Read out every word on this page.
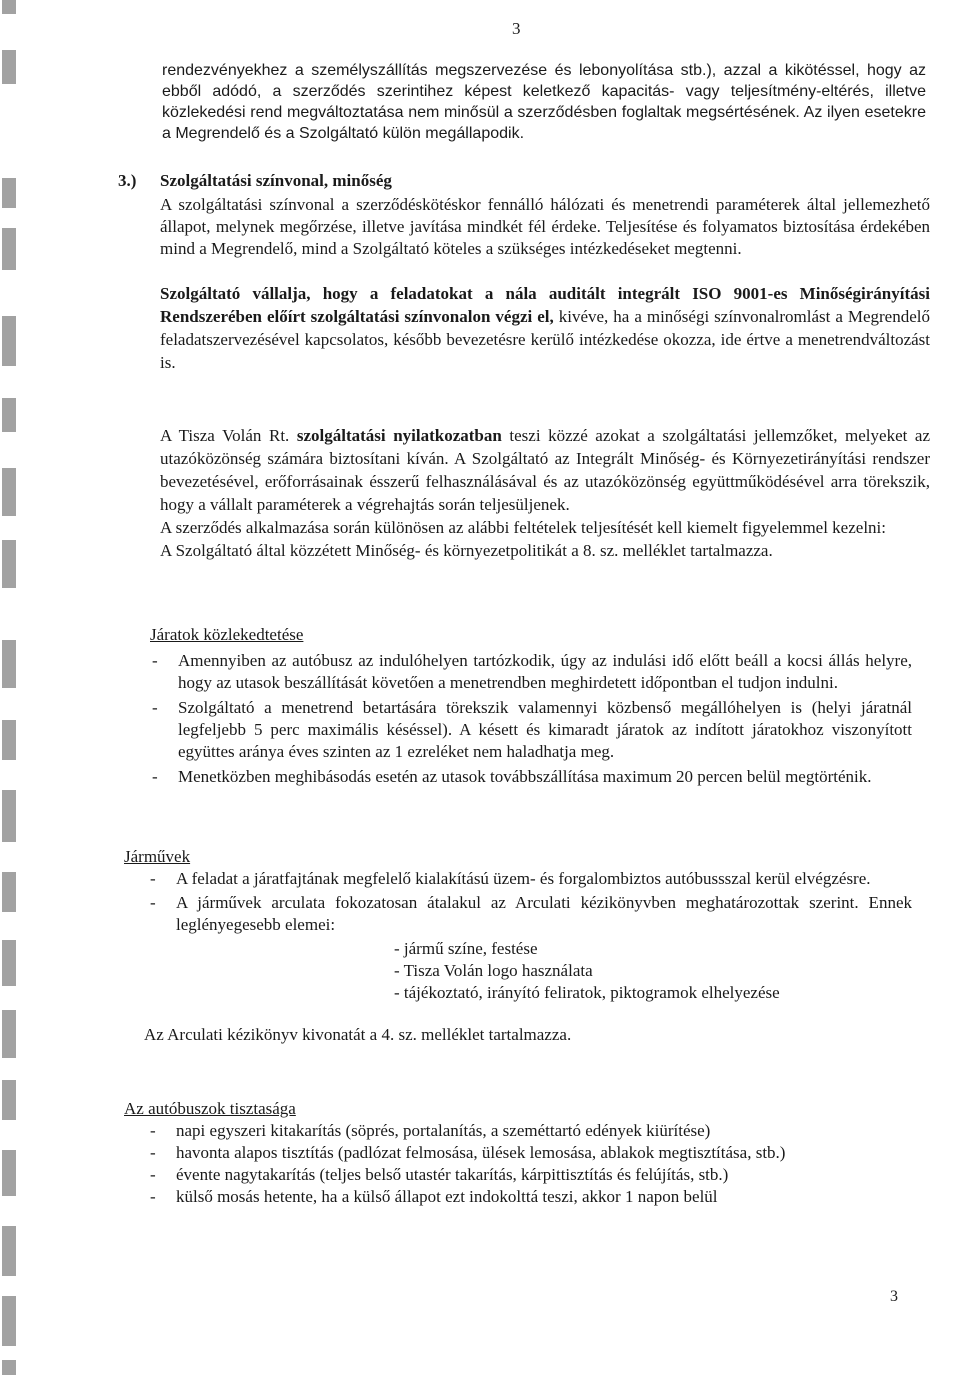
3

rendezvényekhez a személyszállítás megszervezése és lebonyolítása stb.), azzal a kikötéssel, hogy az ebből adódó, a szerződés szerintihez képest keletkező kapacitás- vagy teljesítmény-eltérés, illetve közlekedési rend megváltoztatása nem minősül a szerződésben foglaltak megsértésének. Az ilyen esetekre a Megrendelő és a Szolgáltató külön megállapodik.

3.) Szolgáltatási színvonal, minőség

A szolgáltatási színvonal a szerződéskötéskor fennálló hálózati és menetrendi paraméterek által jellemezhető állapot, melynek megőrzése, illetve javítása mindkét fél érdeke. Teljesítése és folyamatos biztosítása érdekében mind a Megrendelő, mind a Szolgáltató köteles a szükséges intézkedéseket megtenni.

Szolgáltató vállalja, hogy a feladatokat a nála auditált integrált ISO 9001-es Minőségirányítási Rendszerében előírt szolgáltatási színvonalon végzi el, kivéve, ha a minőségi színvonalromlást a Megrendelő feladatszervezésével kapcsolatos, később bevezetésre kerülő intézkedése okozza, ide értve a menetrendváltozást is.

A Tisza Volán Rt. szolgáltatási nyilatkozatban teszi közzé azokat a szolgáltatási jellemzőket, melyeket az utazóközönség számára biztosítani kíván. A Szolgáltató az Integrált Minőség- és Környezetirányítási rendszer bevezetésével, erőforrásainak ésszerű felhasználásával és az utazóközönség együttműködésével arra törekszik, hogy a vállalt paraméterek a végrehajtás során teljesüljenek.

A szerződés alkalmazása során különösen az alábbi feltételek teljesítését kell kiemelt figyelemmel kezelni:

A Szolgáltató által közzétett Minőség- és környezetpolitikát a 8. sz. melléklet tartalmazza.

Járatok közlekedtetése

- Amennyiben az autóbusz az indulóhelyen tartózkodik, úgy az indulási idő előtt beáll a kocsi állás helyre, hogy az utasok beszállítását követően a menetrendben meghirdetett időpontban el tudjon indulni.
- Szolgáltató a menetrend betartására törekszik valamennyi közbenső megállóhelyen is (helyi járatnál legfeljebb 5 perc maximális késéssel). A késett és kimaradt járatok az indított járatokhoz viszonyított együttes aránya éves szinten az 1 ezreléket nem haladhatja meg.
- Menetközben meghibásodás esetén az utasok továbbszállítása maximum 20 percen belül megtörténik.

Járművek

- A feladat a járatfajtának megfelelő kialakítású üzem- és forgalombiztos autóbussszal kerül elvégzésre.
- A járművek arculata fokozatosan átalakul az Arculati kézikönyvben meghatározottak szerint. Ennek leglényegesebb elemei:
- jármű színe, festése
- Tisza Volán logo használata
- tájékoztató, irányító feliratok, piktogramok elhelyezése

Az Arculati kézikönyv kivonatát a 4. sz. melléklet tartalmazza.

Az autóbuszok tisztasága

- napi egyszeri kitakarítás (söprés, portalanítás, a szeméttartó edények kiürítése)
- havonta alapos tisztítás (padlózat felmosása, ülések lemosása, ablakok megtisztítása, stb.)
- évente nagytakarítás (teljes belső utastér takarítás, kárpittisztítás és felújítás, stb.)
- külső mosás hetente, ha a külső állapot ezt indokolttá teszi, akkor 1 napon belül
3
